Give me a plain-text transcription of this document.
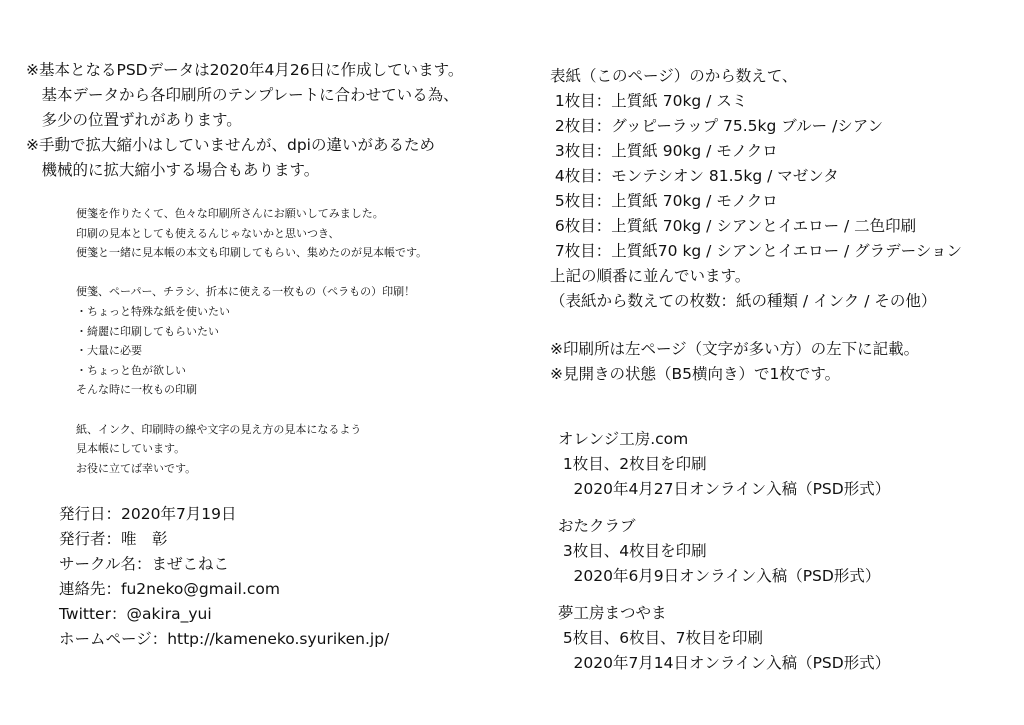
※基本となるPSDデータは2020年4月26日に作成しています。
　基本データから各印刷所のテンプレートに合わせている為、
　多少の位置ずれがあります。
※手動で拡大縮小はしていませんが、dpiの違いがあるため
　機械的に拡大縮小する場合もあります。
便箋を作りたくて、色々な印刷所さんにお願いしてみました。
印刷の見本としても使えるんじゃないかと思いつき、
便箋と一緒に見本帳の本文も印刷してもらい、集めたのが見本帳です。
便箋、ペーパー、チラシ、折本に使える一枚もの（ペラもの）印刷！
・ちょっと特殊な紙を使いたい
・綺麗に印刷してもらいたい
・大量に必要
・ちょっと色が欲しい
そんな時に一枚もの印刷
紙、インク、印刷時の線や文字の見え方の見本になるよう
見本帳にしています。
お役に立てば幸いです。
発行日：2020年7月19日
発行者：唯　彰
サークル名：まぜこねこ
連絡先：fu2neko@gmail.com
Twitter：@akira_yui
ホームページ：http://kameneko.syuriken.jp/
表紙（このページ）のから数えて、
1枚目：上質紙 70kg / スミ
2枚目：グッピーラップ 75.5kg ブルー /シアン
3枚目：上質紙 90kg / モノクロ
4枚目：モンテシオン 81.5kg / マゼンタ
5枚目：上質紙 70kg / モノクロ
6枚目：上質紙 70kg / シアンとイエロー / 二色印刷
7枚目：上質紙70 kg / シアンとイエロー / グラデーション
上記の順番に並んでいます。
（表紙から数えての枚数：紙の種類 / インク / その他）
※印刷所は左ページ（文字が多い方）の左下に記載。
※見開きの状態（B5横向き）で1枚です。
オレンジ工房.com
1枚目、2枚目を印刷
　2020年4月27日オンライン入稿（PSD形式）
おたクラブ
3枚目、4枚目を印刷
　2020年6月9日オンライン入稿（PSD形式）
夢工房まつやま
5枚目、6枚目、7枚目を印刷
　2020年7月14日オンライン入稿（PSD形式）
